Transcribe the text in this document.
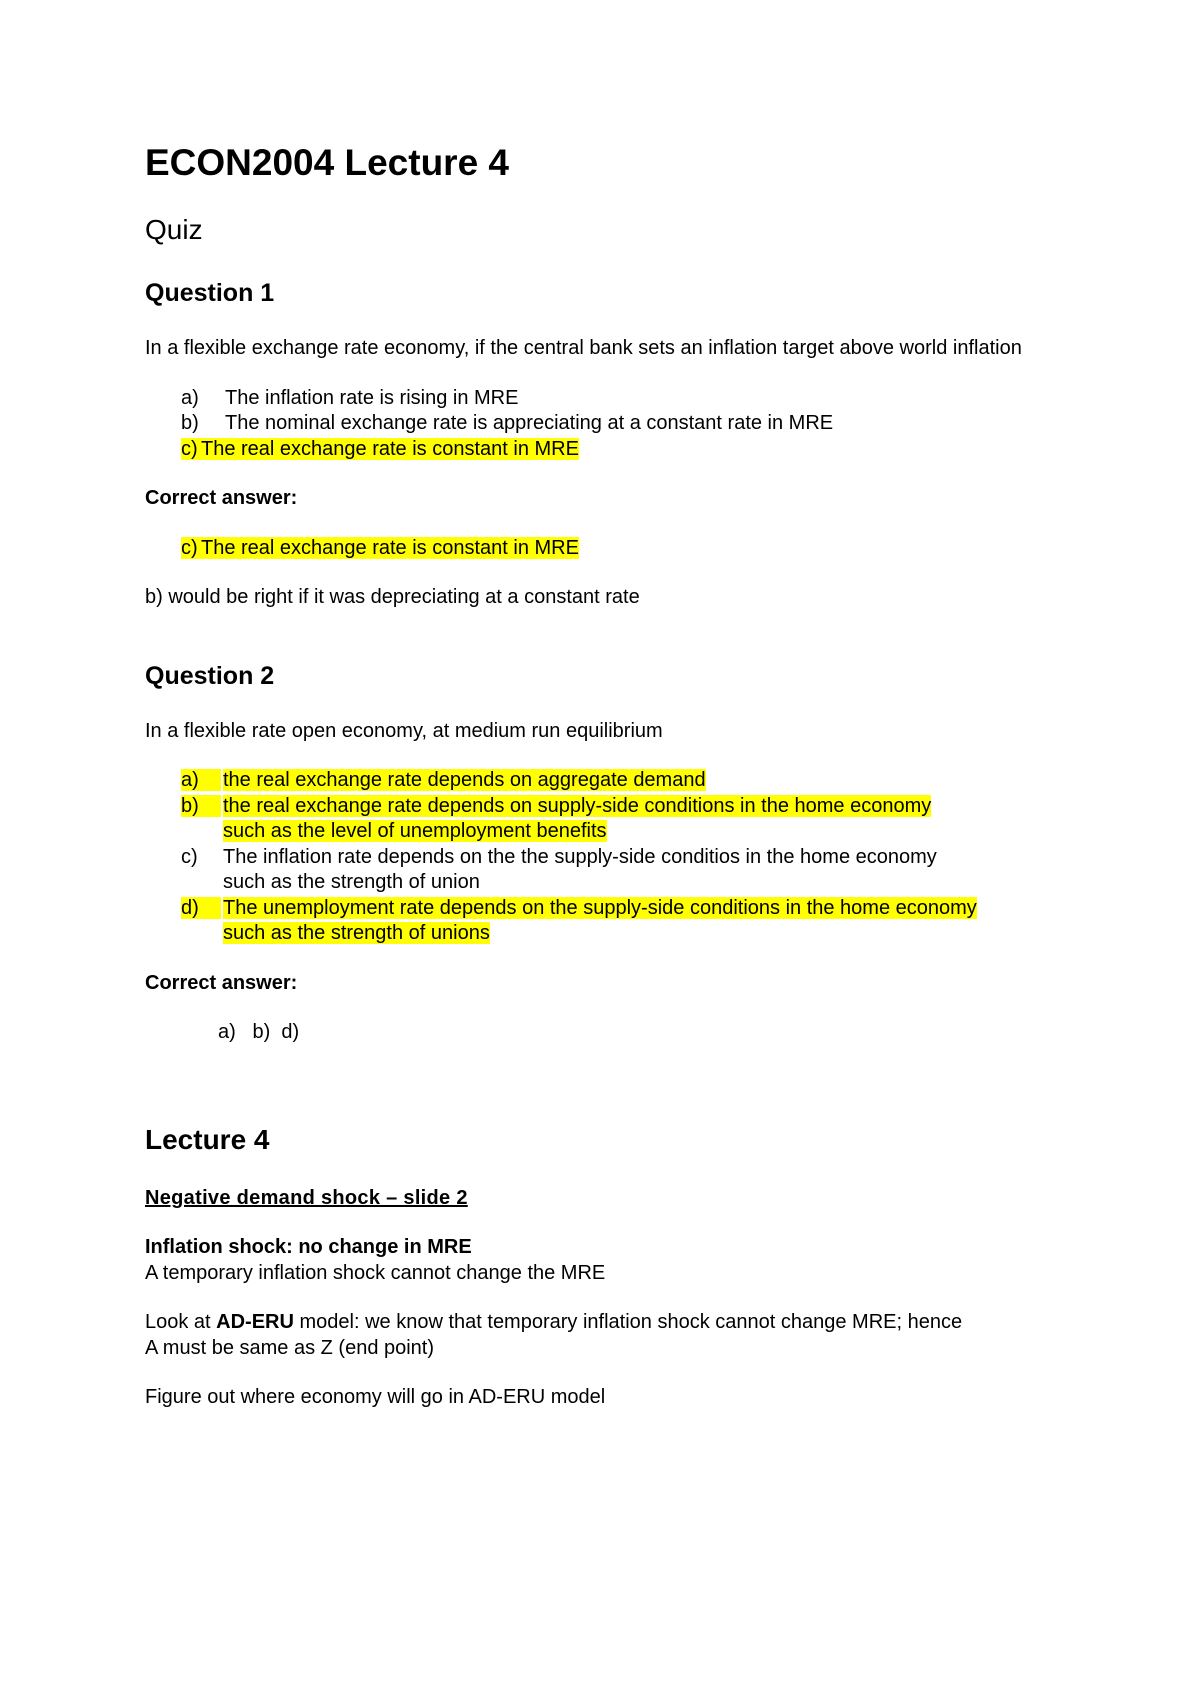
ECON2004 Lecture 4
Quiz
Question 1

In a flexible exchange rate economy, if the central bank sets an inflation target above world inflation

a)	The inflation rate is rising in MRE
b)	The nominal exchange rate is appreciating at a constant rate in MRE
c) The real exchange rate is constant in MRE

Correct answer:

c) The real exchange rate is constant in MRE

b) would be right if it was depreciating at a constant rate

Question 2

In a flexible rate open economy, at medium run equilibrium

a)	the real exchange rate depends on aggregate demand
b)	the real exchange rate depends on supply-side conditions in the home economy
such as the level of unemployment benefits
c)	The inflation rate depends on the the supply-side conditios in the home economy
such as the strength of union
d)	The unemployment rate depends on the supply-side conditions in the home economy
such as the strength of unions

Correct answer:

a)   b)  d)

Lecture 4

Negative demand shock – slide 2

Inflation shock: no change in MRE

A temporary inflation shock cannot change the MRE

Look at AD-ERU model: we know that temporary inflation shock cannot change MRE; hence
A must be same as Z (end point)

Figure out where economy will go in AD-ERU model
